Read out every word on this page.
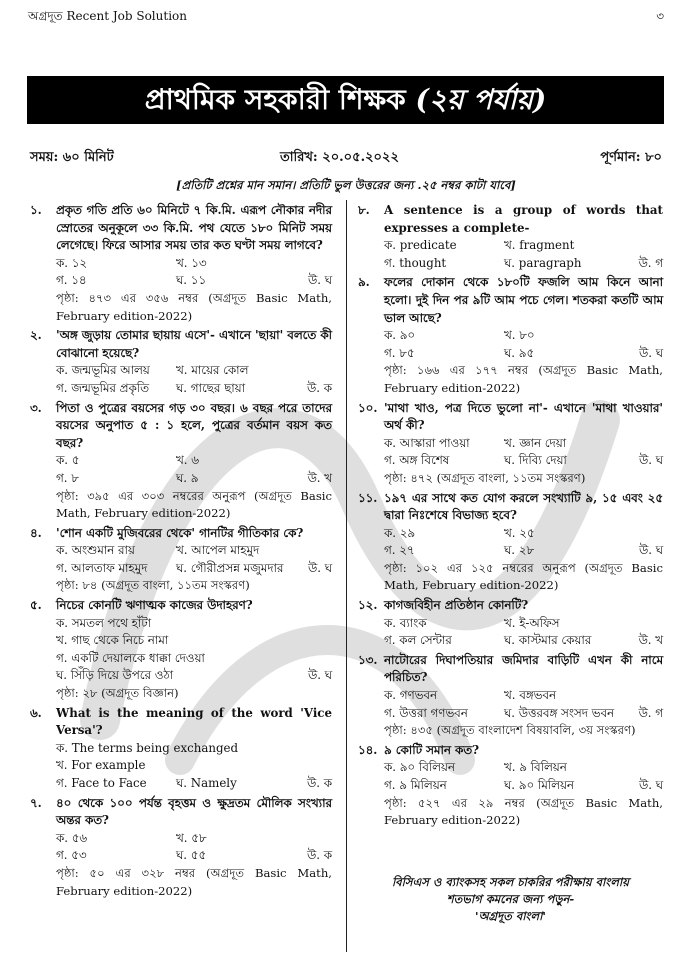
অগ্রদূত Recent Job Solution	৩
প্রাথমিক সহকারী শিক্ষক (২য় পর্যায়)
সময়: ৬০ মিনিট	তারিখ: ২০.০৫.২০২২	পূর্ণমান: ৮০
[প্রতিটি প্রশ্নের মান সমান। প্রতিটি ভুল উত্তরের জন্য .২৫ নম্বর কাটা যাবে]
১.	প্রকৃত গতি প্রতি ৬০ মিনিটে ৭ কি.মি. এরূপ নৌকার নদীর স্রোতের অনুকূলে ৩৩ কি.মি. পথ যেতে ১৮০ মিনিট সময় লেগেছে। ফিরে আসার সময় তার কত ঘণ্টা সময় লাগবে?
ক. ১২	খ. ১৩
গ. ১৪	ঘ. ১১	উ. ঘ
পৃষ্ঠা: ৪৭৩ এর ৩৫৬ নম্বর (অগ্রদূত Basic Math, February edition-2022)
২.	'অঙ্গ জুড়ায় তোমার ছায়ায় এসে'- এখানে 'ছায়া' বলতে কী বোঝানো হয়েছে?
ক. জন্মভূমির আলয়	খ. মায়ের কোল
গ. জন্মভূমির প্রকৃতি	ঘ. গাছের ছায়া	উ. ক
৩.	পিতা ও পুত্রের বয়সের গড় ৩০ বছর। ৬ বছর পরে তাদের বয়সের অনুপাত ৫ : ১ হলে, পুত্রের বর্তমান বয়স কত বছর?
ক. ৫	খ. ৬
গ. ৮	ঘ. ৯	উ. খ
পৃষ্ঠা: ৩৯৫ এর ৩০৩ নম্বরের অনুরূপ (অগ্রদূত Basic Math, February edition-2022)
৪.	'শোন একটি মুজিবরের থেকে' গানটির গীতিকার কে?
ক. অংশুমান রায়	খ. আপেল মাহমুদ
গ. আলতাফ মাহমুদ	ঘ. গৌরীপ্রসন্ন মজুমদার	উ. ঘ
পৃষ্ঠা: ৮৪ (অগ্রদূত বাংলা, ১১তম সংস্করণ)
৫.	নিচের কোনটি ঋণাত্মক কাজের উদাহরণ?
ক. সমতল পথে হাঁটা
খ. গাছ থেকে নিচে নামা
গ. একটি দেয়ালকে ধাক্কা দেওয়া
ঘ. সিঁড়ি দিয়ে উপরে ওঠা	উ. ঘ
পৃষ্ঠা: ২৮ (অগ্রদূত বিজ্ঞান)
৬.	What is the meaning of the word 'Vice Versa'?
ক. The terms being exchanged
খ. For example
গ. Face to Face	ঘ. Namely	উ. ক
৭.	৪০ থেকে ১০০ পর্যন্ত বৃহত্তম ও ক্ষুদ্রতম মৌলিক সংখ্যার অন্তর কত?
ক. ৫৬	খ. ৫৮
গ. ৫৩	ঘ. ৫৫	উ. ক
পৃষ্ঠা: ৫০ এর ৩২৮ নম্বর (অগ্রদূত Basic Math, February edition-2022)
৮.	A sentence is a group of words that expresses a complete-
ক. predicate	খ. fragment
গ. thought	ঘ. paragraph	উ. গ
৯.	ফলের দোকান থেকে ১৮০টি ফজলি আম কিনে আনা হলো। দুই দিন পর ৯টি আম পচে গেল। শতকরা কতটি আম ভাল আছে?
ক. ৯০	খ. ৮০
গ. ৮৫	ঘ. ৯৫	উ. ঘ
পৃষ্ঠা: ১৬৬ এর ১৭৭ নম্বর (অগ্রদূত Basic Math, February edition-2022)
১০. 'মাথা খাও, পত্র দিতে ভুলো না'- এখানে 'মাথা খাওয়ার' অর্থ কী?
ক. আস্কারা পাওয়া	খ. জ্ঞান দেয়া
গ. অঙ্গ বিশেষ	ঘ. দিব্যি দেয়া	উ. ঘ
পৃষ্ঠা: ৪৭২ (অগ্রদূত বাংলা, ১১তম সংস্করণ)
১১. ১৯৭ এর সাথে কত যোগ করলে সংখ্যাটি ৯, ১৫ এবং ২৫ দ্বারা নিঃশেষে বিভাজ্য হবে?
ক. ২৯	খ. ২৫
গ. ২৭	ঘ. ২৮	উ. ঘ
পৃষ্ঠা: ১০২ এর ১২৫ নম্বরের অনুরূপ (অগ্রদূত Basic Math, February edition-2022)
১২. কাগজবিহীন প্রতিষ্ঠান কোনটি?
ক. ব্যাংক	খ. ই-অফিস
গ. কল সেন্টার	ঘ. কাস্টমার কেয়ার	উ. খ
১৩. নাটোরের দিঘাপতিয়ার জমিদার বাড়িটি এখন কী নামে পরিচিত?
ক. গণভবন	খ. বঙ্গভবন
গ. উত্তরা গণভবন	ঘ. উত্তরবঙ্গ সংসদ ভবন	উ. গ
পৃষ্ঠা: ৪৩৫ (অগ্রদূত বাংলাদেশ বিষয়াবলি, ৩য় সংস্করণ)
১৪. ৯ কোটি সমান কত?
ক. ৯০ বিলিয়ন	খ. ৯ বিলিয়ন
গ. ৯ মিলিয়ন	ঘ. ৯০ মিলিয়ন	উ. ঘ
পৃষ্ঠা: ৫২৭ এর ২৯ নম্বর (অগ্রদূত Basic Math, February edition-2022)
বিসিএস ও ব্যাংকসহ সকল চাকরির পরীক্ষায় বাংলায়
শতভাগ কমনের জন্য পড়ুন-
'অগ্রদূত বাংলা'
